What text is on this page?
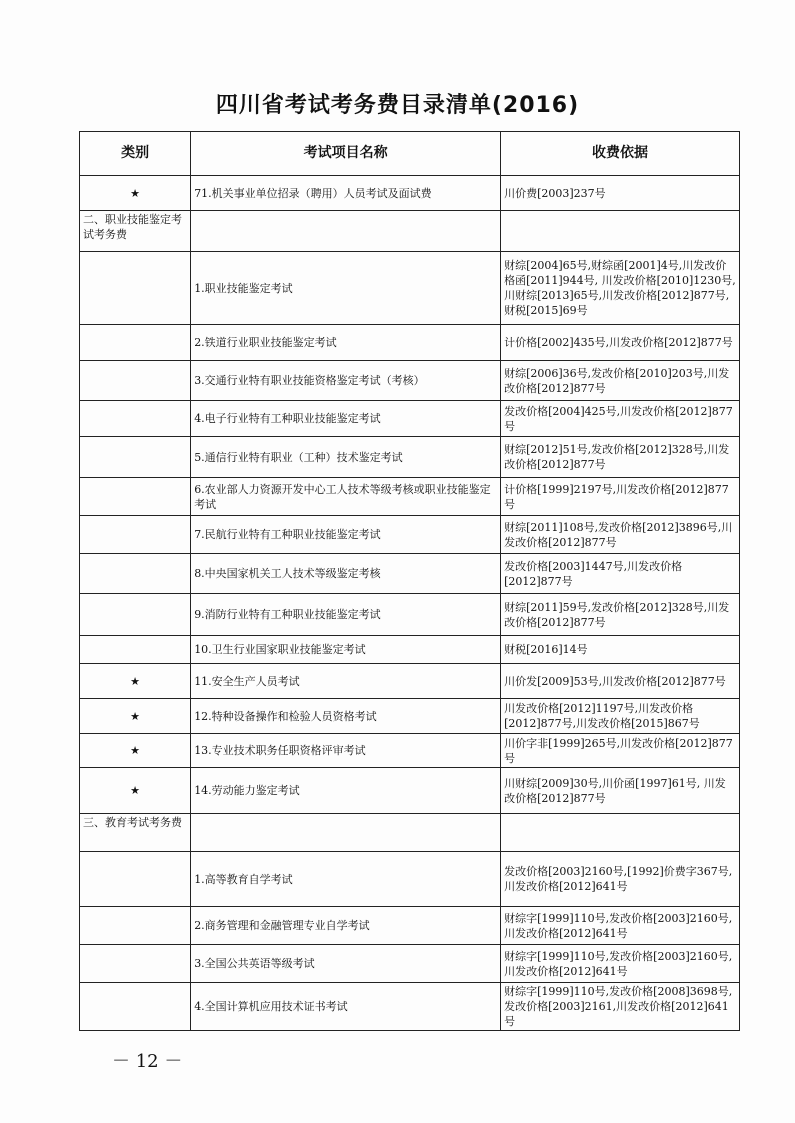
四川省考试考务费目录清单(2016)
类别	考试项目名称	收费依据
★	71.机关事业单位招录（聘用）人员考试及面试费	川价费[2003]237号
二、职业技能鉴定考试考务费		
	1.职业技能鉴定考试	财综[2004]65号,财综函[2001]4号,川发改价格函[2011]944号, 川发改价格[2010]1230号,川财综[2013]65号,川发改价格[2012]877号,财税[2015]69号
	2.铁道行业职业技能鉴定考试	计价格[2002]435号,川发改价格[2012]877号
	3.交通行业特有职业技能资格鉴定考试（考核）	财综[2006]36号,发改价格[2010]203号,川发改价格[2012]877号
	4.电子行业特有工种职业技能鉴定考试	发改价格[2004]425号,川发改价格[2012]877号
	5.通信行业特有职业（工种）技术鉴定考试	财综[2012]51号,发改价格[2012]328号,川发改价格[2012]877号
	6.农业部人力资源开发中心工人技术等级考核或职业技能鉴定考试	计价格[1999]2197号,川发改价格[2012]877号
	7.民航行业特有工种职业技能鉴定考试	财综[2011]108号,发改价格[2012]3896号,川发改价格[2012]877号
	8.中央国家机关工人技术等级鉴定考核	发改价格[2003]1447号,川发改价格[2012]877号
	9.消防行业特有工种职业技能鉴定考试	财综[2011]59号,发改价格[2012]328号,川发改价格[2012]877号
	10.卫生行业国家职业技能鉴定考试	财税[2016]14号
★	11.安全生产人员考试	川价发[2009]53号,川发改价格[2012]877号
★	12.特种设备操作和检验人员资格考试	川发改价格[2012]1197号,川发改价格[2012]877号,川发改价格[2015]867号
★	13.专业技术职务任职资格评审考试	川价字非[1999]265号,川发改价格[2012]877号
★	14.劳动能力鉴定考试	川财综[2009]30号,川价函[1997]61号, 川发改价格[2012]877号
三、教育考试考务费		
	1.高等教育自学考试	发改价格[2003]2160号,[1992]价费字367号,川发改价格[2012]641号
	2.商务管理和金融管理专业自学考试	财综字[1999]110号,发改价格[2003]2160号,川发改价格[2012]641号
	3.全国公共英语等级考试	财综字[1999]110号,发改价格[2003]2160号,川发改价格[2012]641号
	4.全国计算机应用技术证书考试	财综字[1999]110号,发改价格[2008]3698号,发改价格[2003]2161,川发改价格[2012]641号
－ 12 －
